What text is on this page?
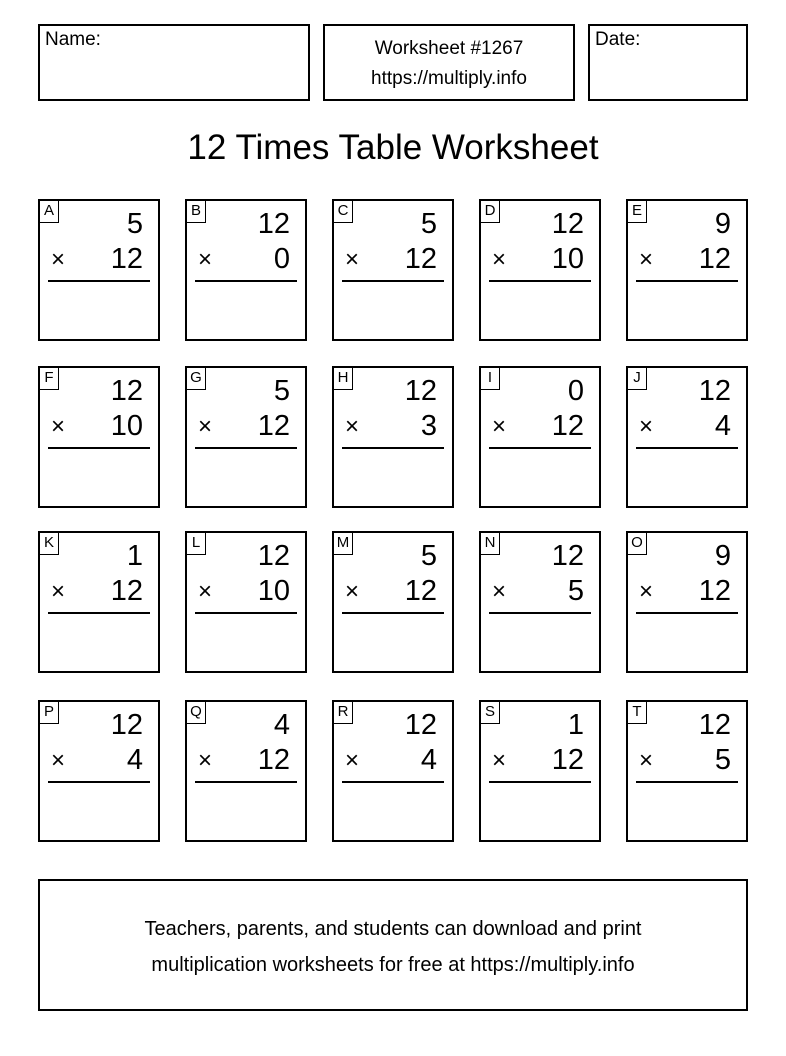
Name:	Worksheet #1267
https://multiply.info
Date:
12 Times Table Worksheet
A	5
× 12
B 12
× 0
C 5
× 12
D 12
× 10
E	9
× 12
F 12
× 10
G 5
× 12
H 12
× 3
I	0
× 12
J 12
× 4
K	1
× 12
L 12
× 10
M 5
× 12
N 12
× 5
O 9
× 12
P 12
× 4
Q 4
× 12
R 12
× 4
S	1
× 12
T 12
× 5
Teachers, parents, and students can download and print
multiplication worksheets for free at https://multiply.info
